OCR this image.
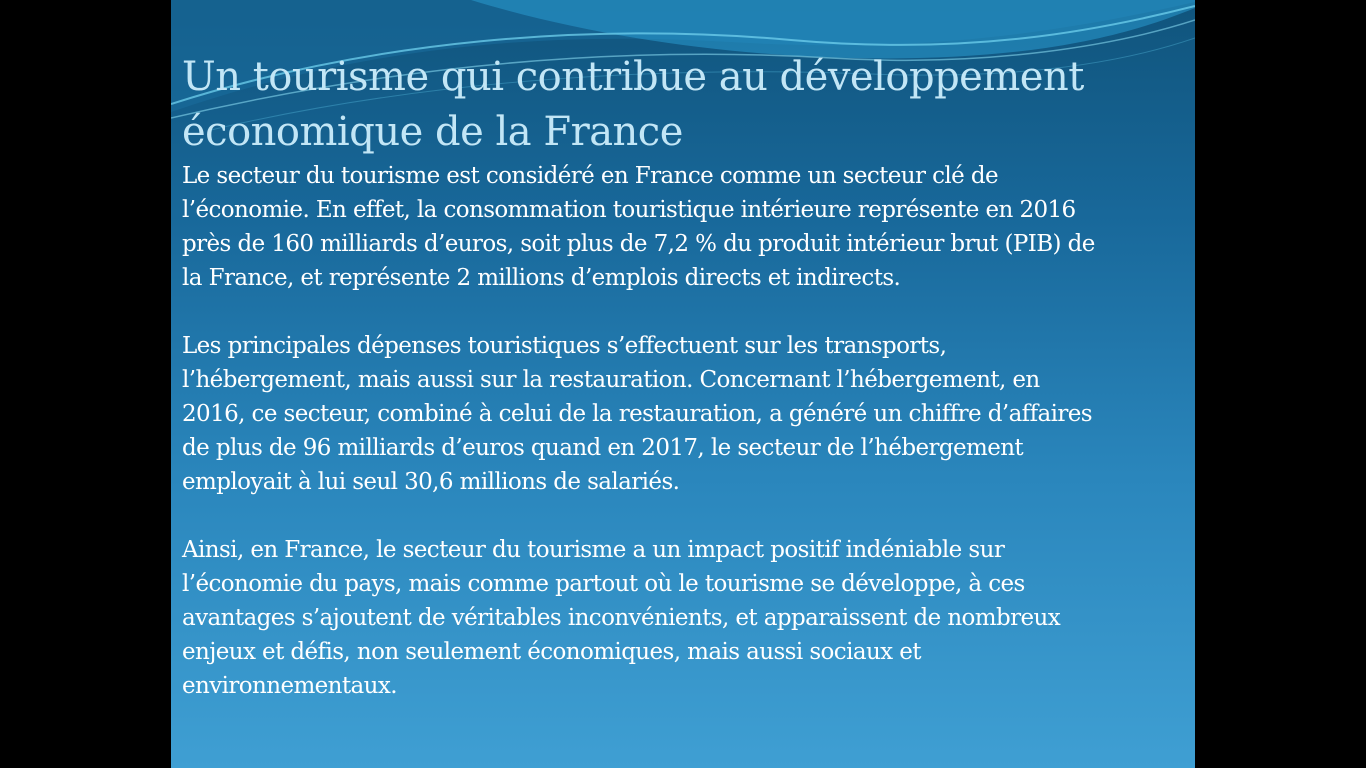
Un tourisme qui contribue au développement
économique de la France

Le secteur du tourisme est considéré en France comme un secteur clé de
l’économie. En effet, la consommation touristique intérieure représente en 2016
près de 160 milliards d’euros, soit plus de 7,2 % du produit intérieur brut (PIB) de
la France, et représente 2 millions d’emplois directs et indirects.

Les principales dépenses touristiques s’effectuent sur les transports,
l’hébergement, mais aussi sur la restauration. Concernant l’hébergement, en
2016, ce secteur, combiné à celui de la restauration, a généré un chiffre d’affaires
de plus de 96 milliards d’euros quand en 2017, le secteur de l’hébergement
employait à lui seul 30,6 millions de salariés.

Ainsi, en France, le secteur du tourisme a un impact positif indéniable sur
l’économie du pays, mais comme partout où le tourisme se développe, à ces
avantages s’ajoutent de véritables inconvénients, et apparaissent de nombreux
enjeux et défis, non seulement économiques, mais aussi sociaux et
environnementaux.
